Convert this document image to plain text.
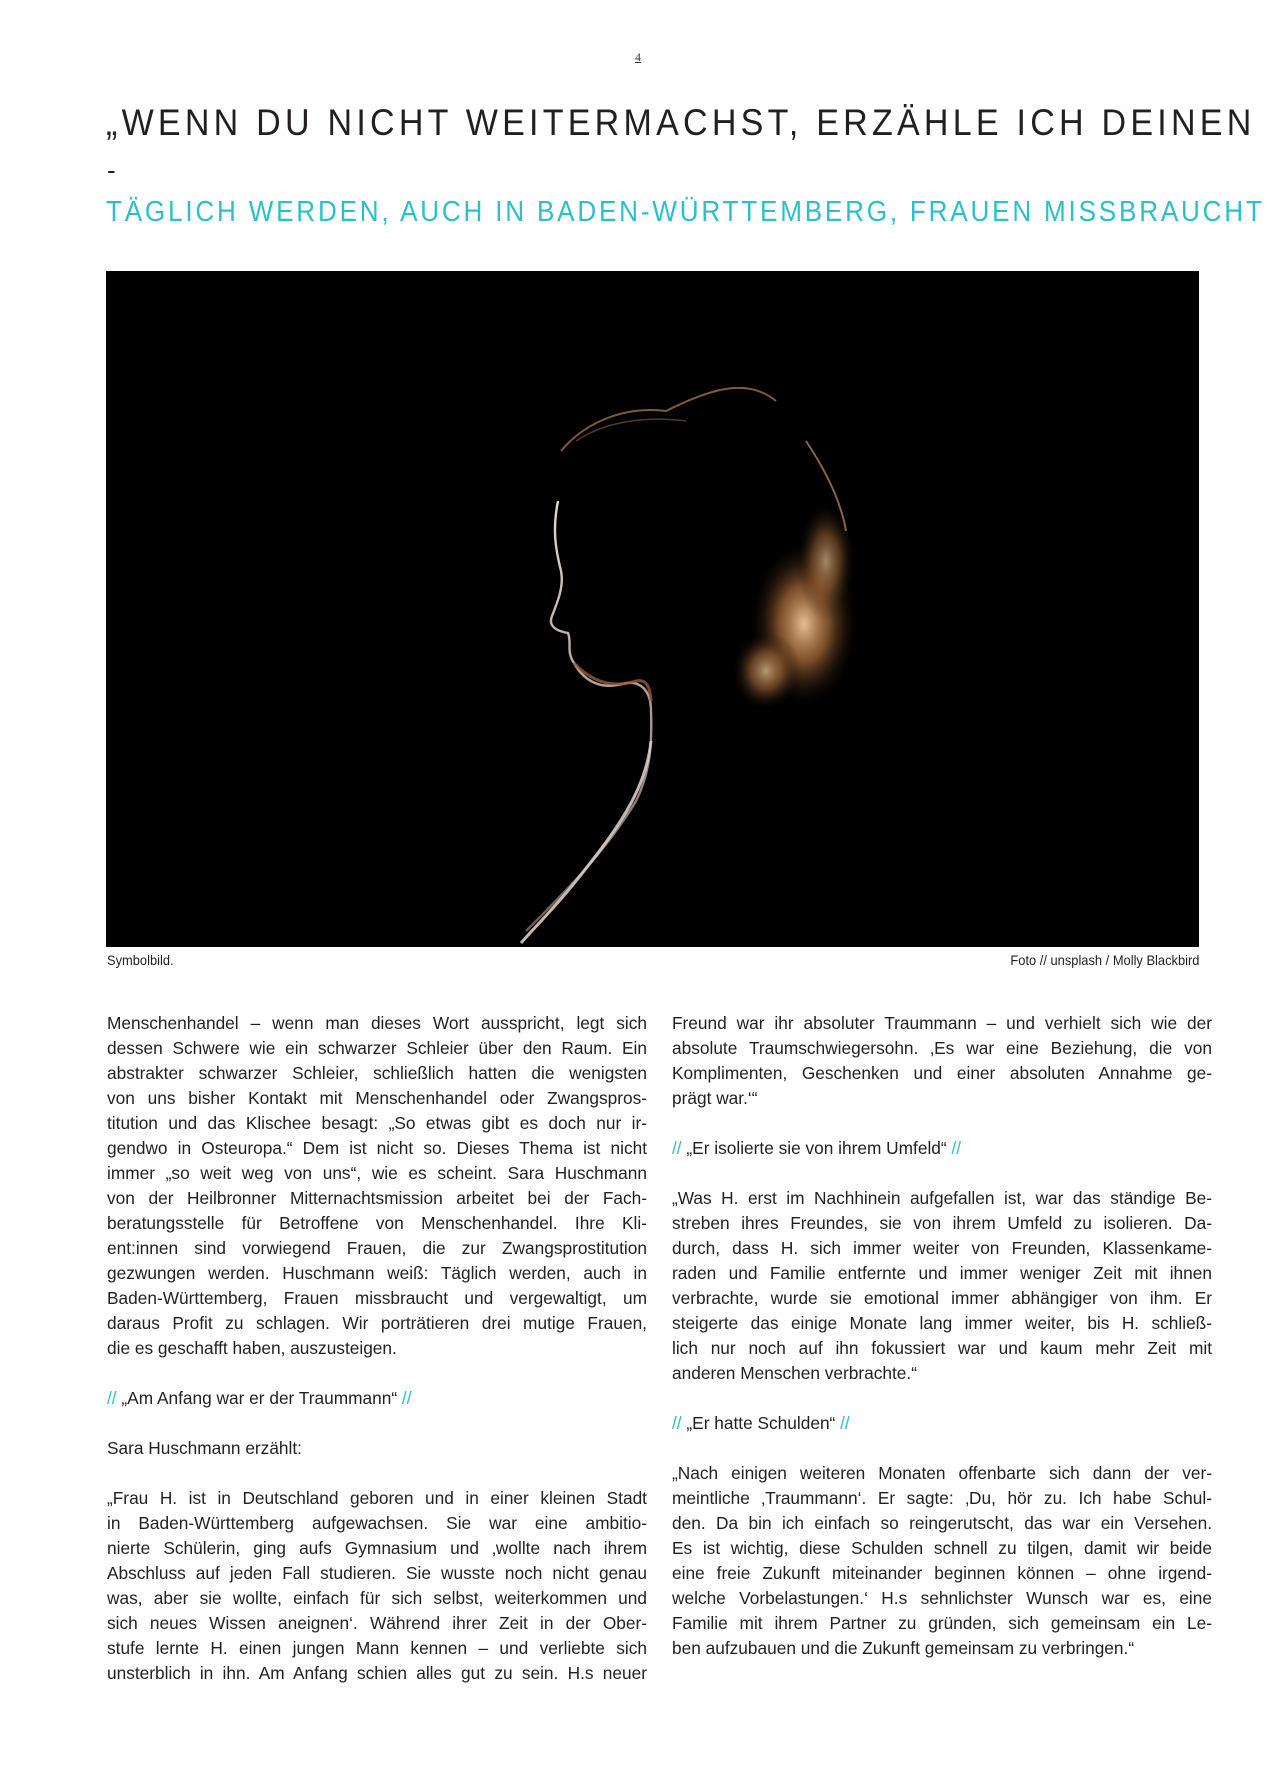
4
„WENN DU NICHT WEITERMACHST, ERZÄHLE ICH DEINEN
-
TÄGLICH WERDEN, AUCH IN BADEN-WÜRTTEMBERG, FRAUEN MISSBRAUCHT
Symbolbild.	Foto // unsplash / Molly Blackbird

Menschenhandel – wenn man dieses Wort ausspricht, legt sich
dessen Schwere wie ein schwarzer Schleier über den Raum. Ein
abstrakter schwarzer Schleier, schließlich hatten die wenigsten
von uns bisher Kontakt mit Menschenhandel oder Zwangspros-
titution und das Klischee besagt: „So etwas gibt es doch nur ir-
gendwo in Osteuropa.“ Dem ist nicht so. Dieses Thema ist nicht
immer „so weit weg von uns“, wie es scheint. Sara Huschmann
von der Heilbronner Mitternachtsmission arbeitet bei der Fach-
beratungsstelle für Betroffene von Menschenhandel. Ihre Kli-
ent:innen sind vorwiegend Frauen, die zur Zwangsprostitution
gezwungen werden. Huschmann weiß: Täglich werden, auch in
Baden-Württemberg, Frauen missbraucht und vergewaltigt, um
daraus Profit zu schlagen. Wir porträtieren drei mutige Frauen,
die es geschafft haben, auszusteigen.

// „Am Anfang war er der Traummann“ //

Sara Huschmann erzählt:

„Frau H. ist in Deutschland geboren und in einer kleinen Stadt
in Baden-Württemberg aufgewachsen. Sie war eine ambitio-
nierte Schülerin, ging aufs Gymnasium und ‚wollte nach ihrem
Abschluss auf jeden Fall studieren. Sie wusste noch nicht genau
was, aber sie wollte, einfach für sich selbst, weiterkommen und
sich neues Wissen aneignen‘. Während ihrer Zeit in der Ober-
stufe lernte H. einen jungen Mann kennen – und verliebte sich
unsterblich in ihn. Am Anfang schien alles gut zu sein. H.s neuer

Freund war ihr absoluter Traummann – und verhielt sich wie der
absolute Traumschwiegersohn. ‚Es war eine Beziehung, die von
Komplimenten, Geschenken und einer absoluten Annahme ge-
prägt war.‘“

// „Er isolierte sie von ihrem Umfeld“ //

„Was H. erst im Nachhinein aufgefallen ist, war das ständige Be-
streben ihres Freundes, sie von ihrem Umfeld zu isolieren. Da-
durch, dass H. sich immer weiter von Freunden, Klassenkame-
raden und Familie entfernte und immer weniger Zeit mit ihnen
verbrachte, wurde sie emotional immer abhängiger von ihm. Er
steigerte das einige Monate lang immer weiter, bis H. schließ-
lich nur noch auf ihn fokussiert war und kaum mehr Zeit mit
anderen Menschen verbrachte.“

// „Er hatte Schulden“ //

„Nach einigen weiteren Monaten offenbarte sich dann der ver-
meintliche ‚Traummann‘. Er sagte: ‚Du, hör zu. Ich habe Schul-
den. Da bin ich einfach so reingerutscht, das war ein Versehen.
Es ist wichtig, diese Schulden schnell zu tilgen, damit wir beide
eine freie Zukunft miteinander beginnen können – ohne irgend-
welche Vorbelastungen.‘ H.s sehnlichster Wunsch war es, eine
Familie mit ihrem Partner zu gründen, sich gemeinsam ein Le-
ben aufzubauen und die Zukunft gemeinsam zu verbringen.“
